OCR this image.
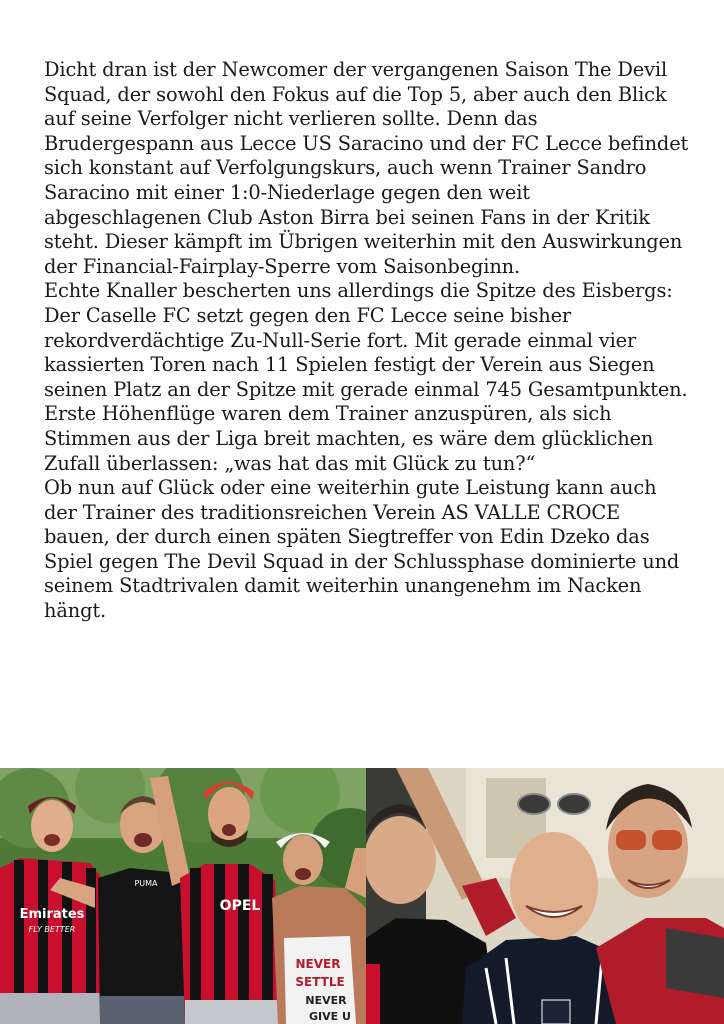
Dicht dran ist der Newcomer der vergangenen Saison The Devil Squad, der sowohl den Fokus auf die Top 5, aber auch den Blick auf seine Verfolger nicht verlieren sollte. Denn das Brudergespann aus Lecce US Saracino und der FC Lecce befindet sich konstant auf Verfolgungskurs, auch wenn Trainer Sandro Saracino mit einer 1:0-Niederlage gegen den weit abgeschlagenen Club Aston Birra bei seinen Fans in der Kritik steht. Dieser kämpft im Übrigen weiterhin mit den Auswirkungen der Financial-Fairplay-Sperre vom Saisonbeginn.

Echte Knaller bescherten uns allerdings die Spitze des Eisbergs: Der Caselle FC setzt gegen den FC Lecce seine bisher rekordverdächtige Zu-Null-Serie fort. Mit gerade einmal vier kassierten Toren nach 11 Spielen festigt der Verein aus Siegen seinen Platz an der Spitze mit gerade einmal 745 Gesamtpunkten. Erste Höhenflüge waren dem Trainer anzuspüren, als sich Stimmen aus der Liga breit machten, es wäre dem glücklichen Zufall überlassen: „was hat das mit Glück zu tun?“

Ob nun auf Glück oder eine weiterhin gute Leistung kann auch der Trainer des traditionsreichen Verein AS VALLE CROCE bauen, der durch einen späten Siegtreffer von Edin Dzeko das Spiel gegen The Devil Squad in der Schlussphase dominierte und seinem Stadtrivalen damit weiterhin unangenehm im Nacken hängt.

Emirates
FLY BETTER
PUMA
OPEL
NEVER
SETTLE
NEVER
GIVE U
